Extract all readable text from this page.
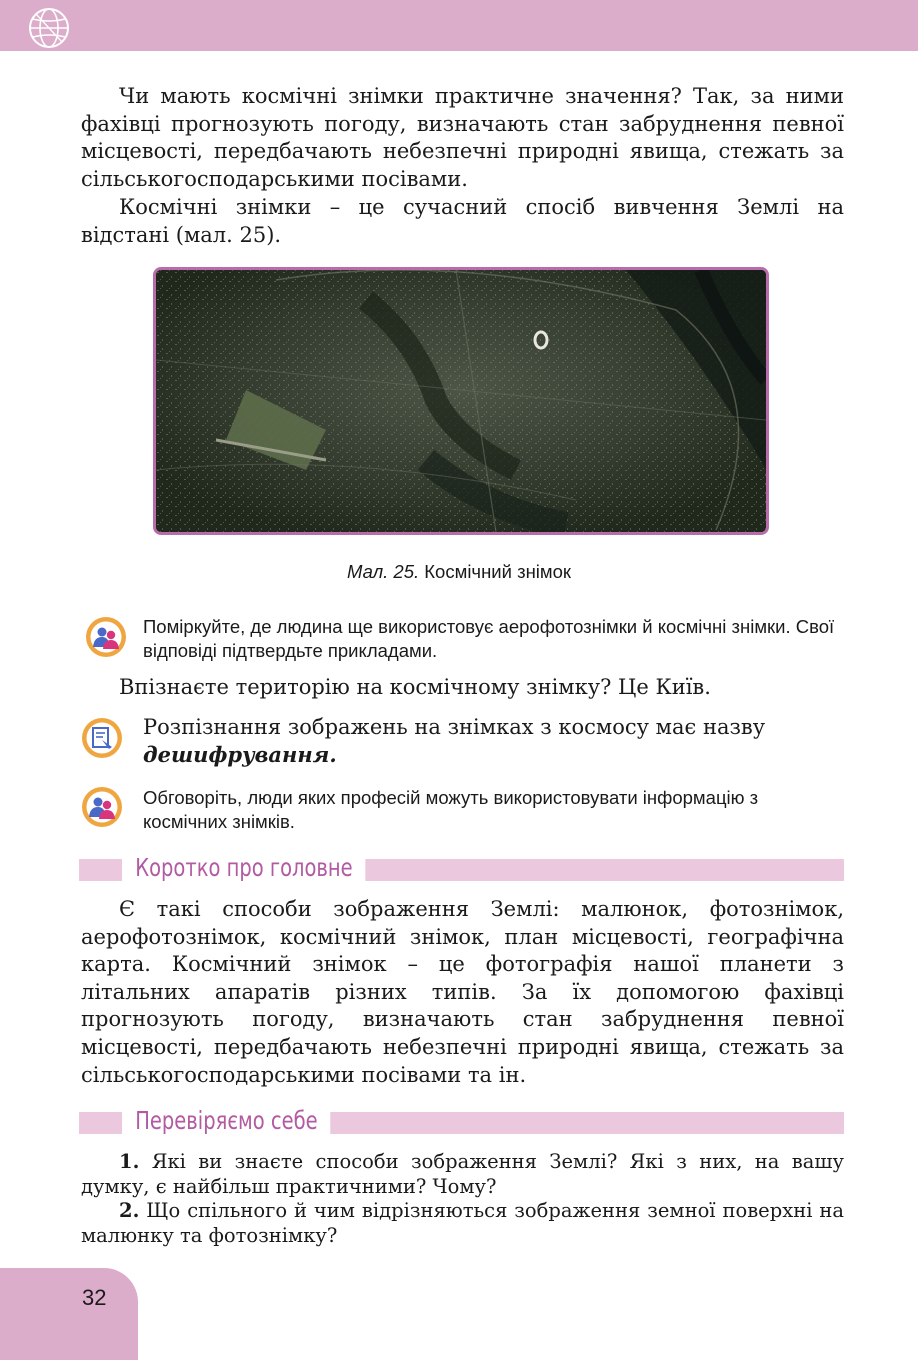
Чи мають космічні знімки практичне значення? Так, за ними фахівці прогнозують погоду, визначають стан забруднення певної місцевості, передбачають небезпечні природні явища, стежать за сільськогосподарськими посівами.

Космічні знімки – це сучасний спосіб вивчення Землі на відстані (мал. 25).

Мал. 25. Космічний знімок

Поміркуйте, де людина ще використовує аерофотознімки й космічні знімки. Свої відповіді підтвердьте прикладами.

Впізнаєте територію на космічному знімку? Це Київ.

Розпізнання зображень на знімках з космосу має назву дешифрування.

Обговоріть, люди яких професій можуть використовувати інформацію з космічних знімків.

Коротко про головне

Є такі способи зображення Землі: малюнок, фотознімок, аерофотознімок, космічний знімок, план місцевості, географічна карта. Космічний знімок – це фотографія нашої планети з літальних апаратів різних типів. За їх допомогою фахівці прогнозують погоду, визначають стан забруднення певної місцевості, передбачають небезпечні природні явища, стежать за сільськогосподарськими посівами та ін.

Перевіряємо себе

1. Які ви знаєте способи зображення Землі? Які з них, на вашу думку, є найбільш практичними? Чому?

2. Що спільного й чим відрізняються зображення земної поверхні на малюнку та фотознімку?

32
